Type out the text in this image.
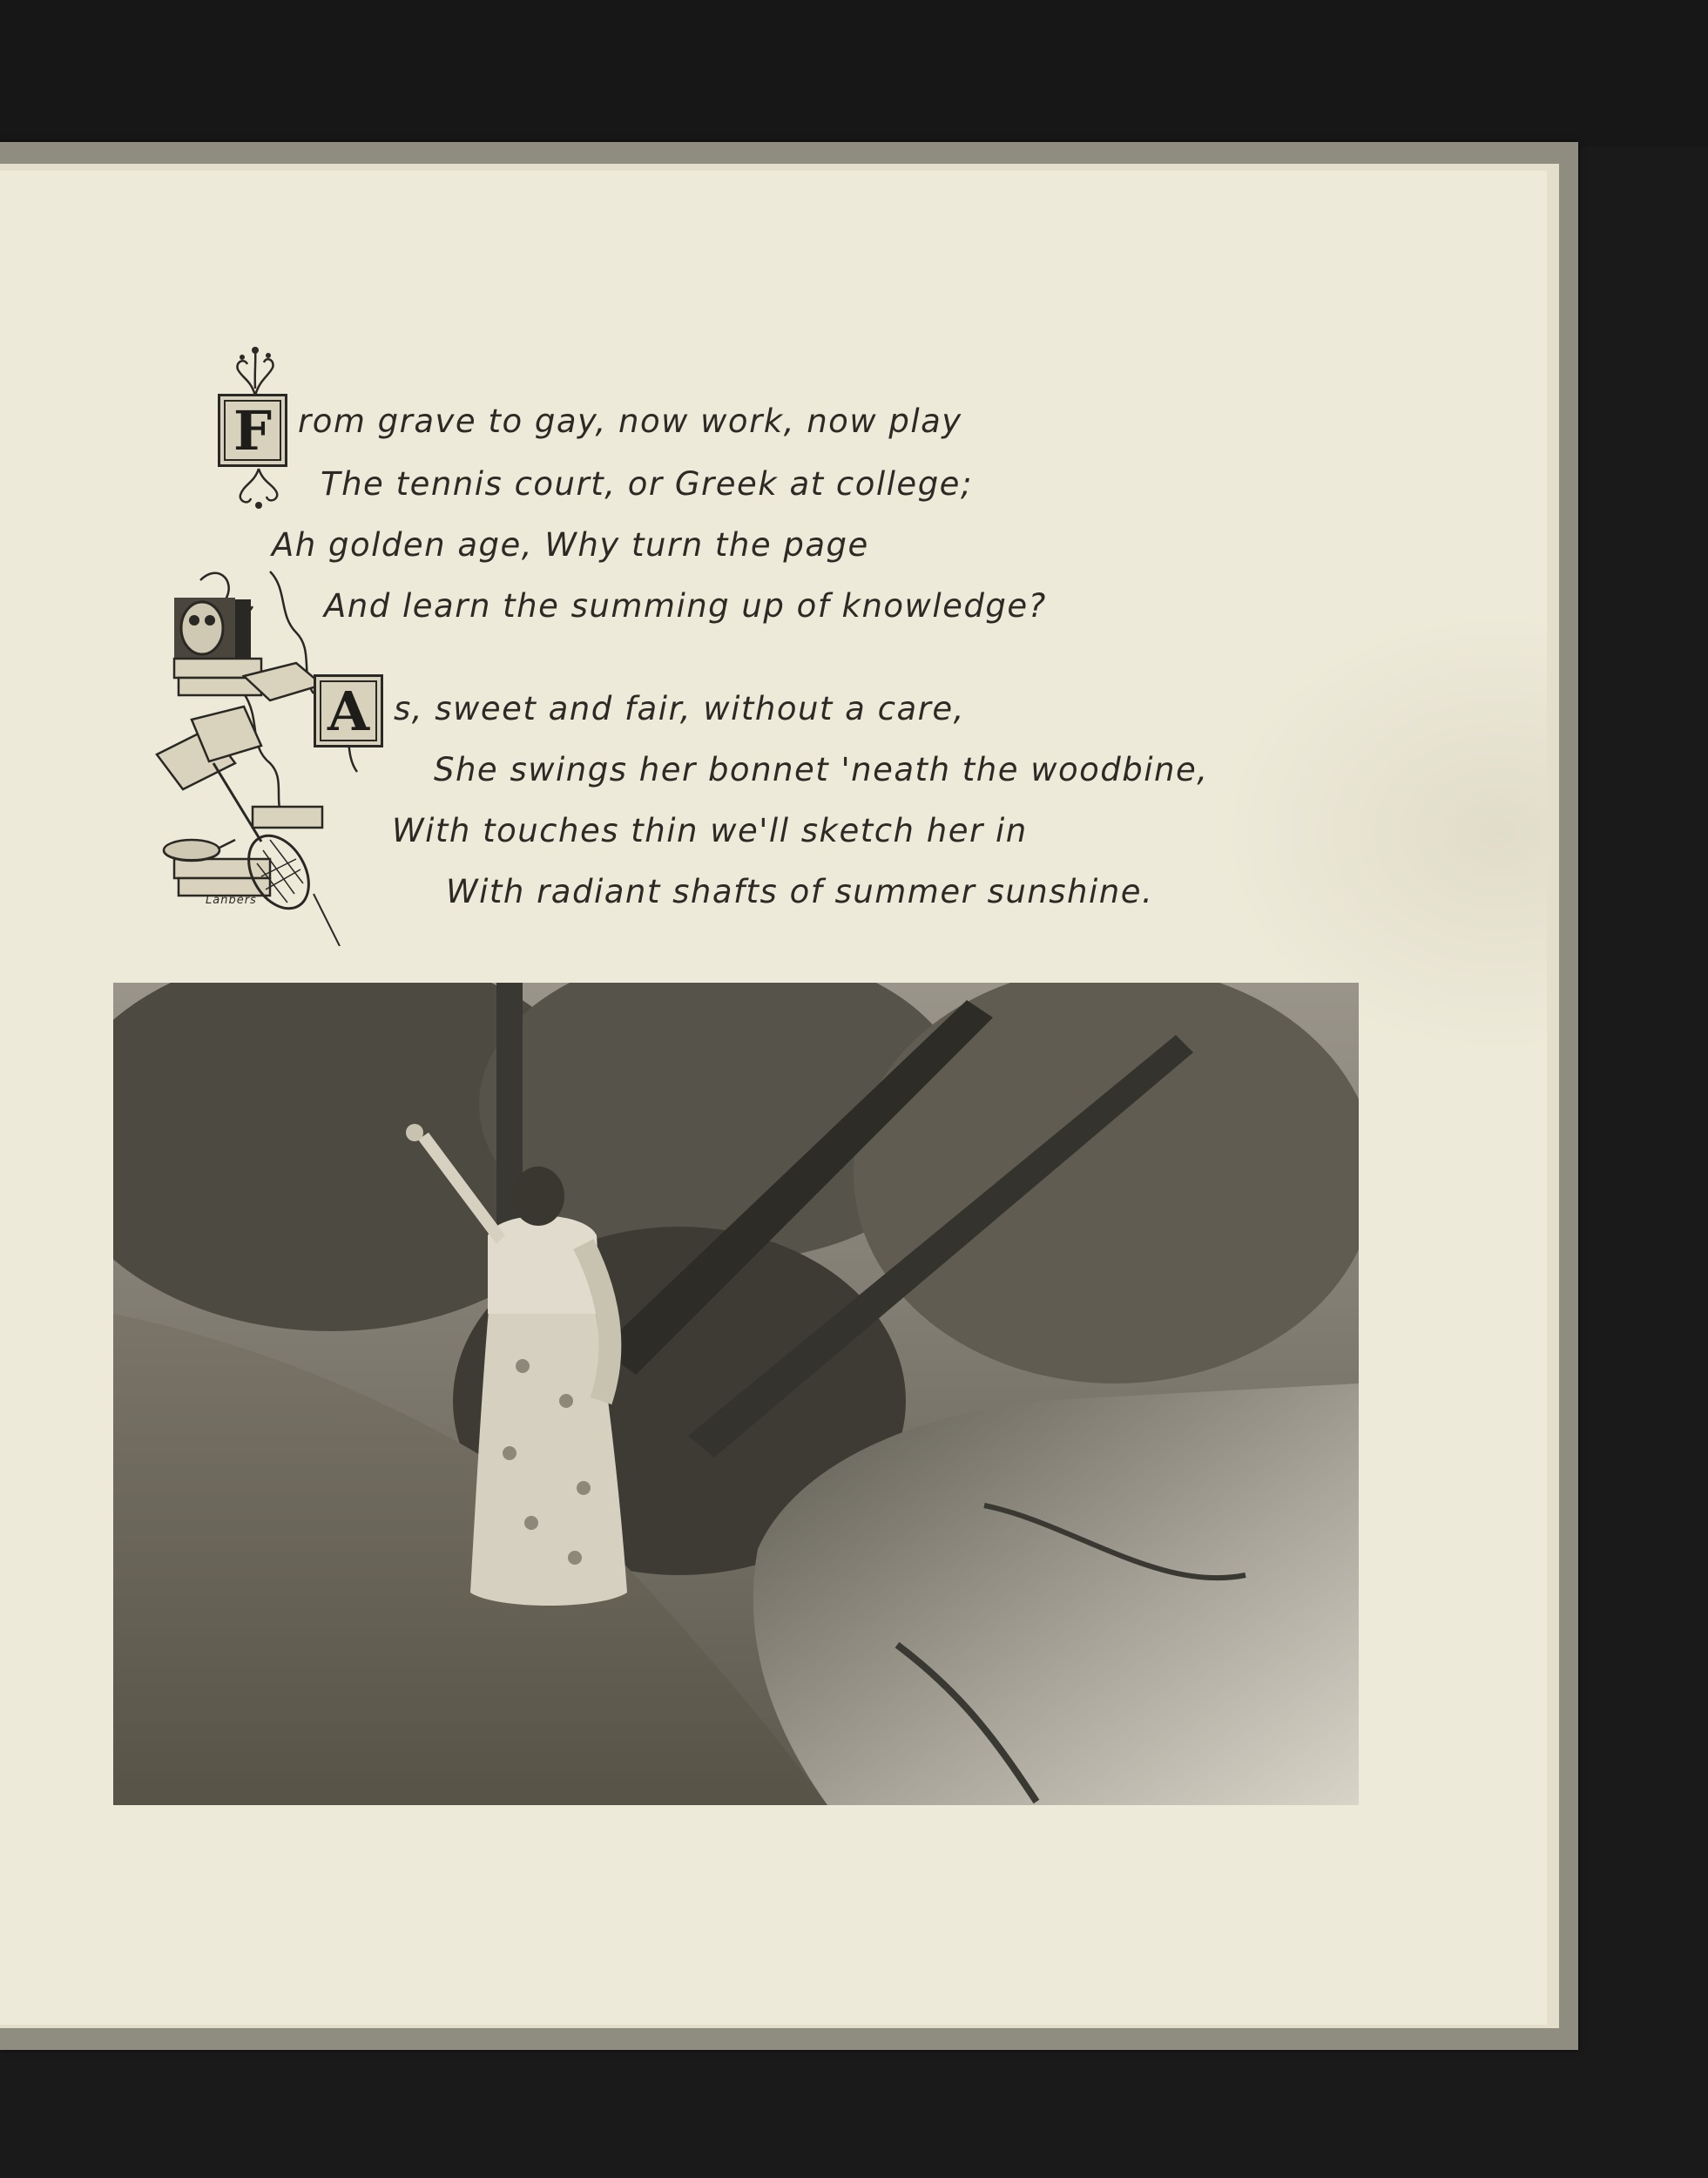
F rom grave to gay, now work, now play
The tennis court, or Greek at college;
Ah golden age, Why turn the page
And learn the summing up of knowledge?
A s, sweet and fair, without a care,
She swings her bonnet 'neath the woodbine,
With touches thin we'll sketch her in
With radiant shafts of summer sunshine.
Lanbers
